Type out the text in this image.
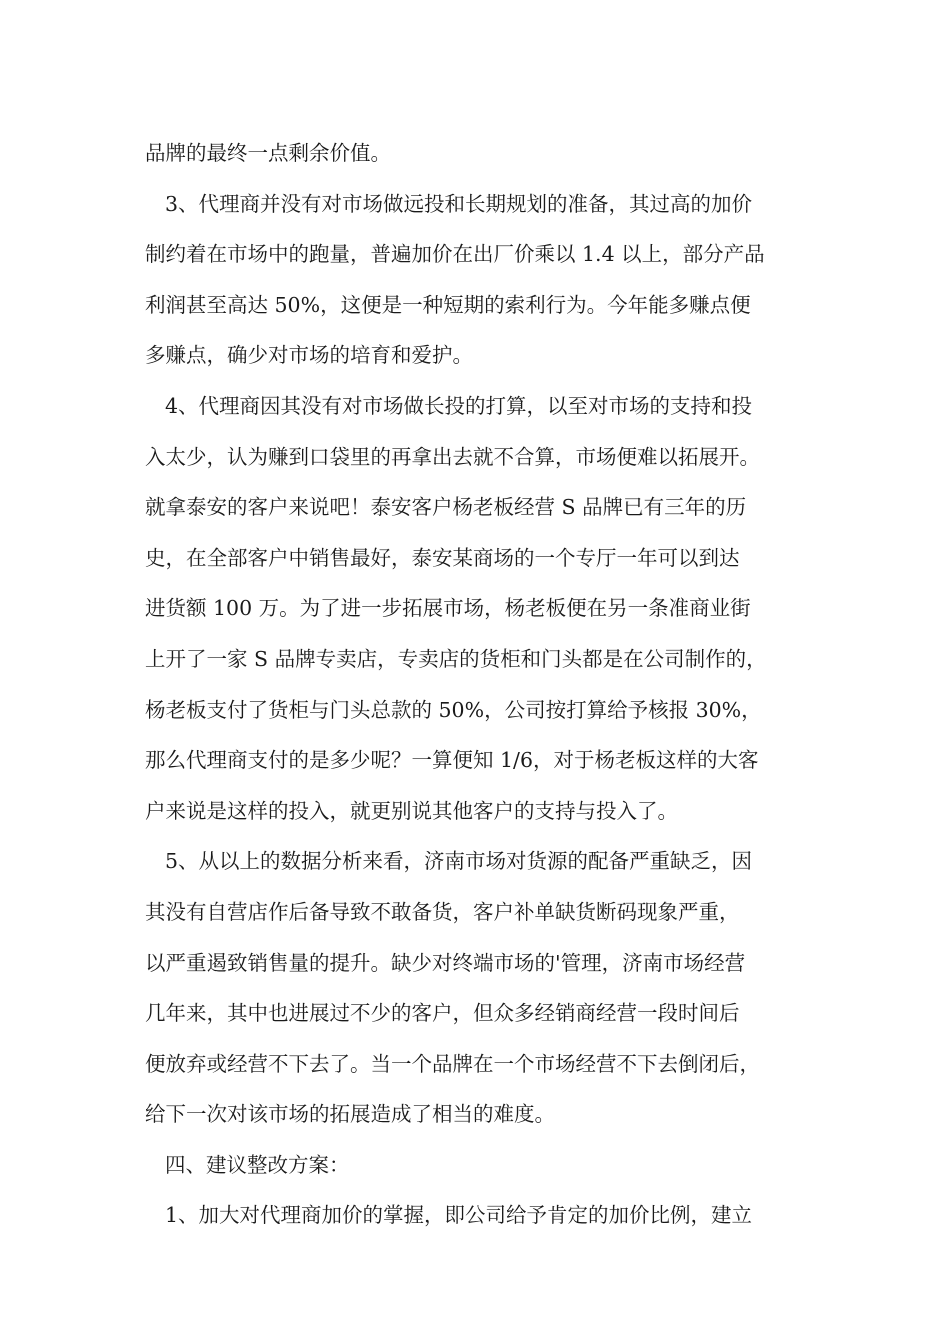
品牌的最终一点剩余价值。
3、代理商并没有对市场做远投和长期规划的准备，其过高的加价
制约着在市场中的跑量，普遍加价在出厂价乘以 1.4 以上，部分产品
利润甚至高达 50%，这便是一种短期的索利行为。今年能多赚点便
多赚点，确少对市场的培育和爱护。
4、代理商因其没有对市场做长投的打算，以至对市场的支持和投
入太少，认为赚到口袋里的再拿出去就不合算，市场便难以拓展开。
就拿泰安的客户来说吧！泰安客户杨老板经营 S 品牌已有三年的历
史，在全部客户中销售最好，泰安某商场的一个专厅一年可以到达
进货额 100 万。为了进一步拓展市场，杨老板便在另一条准商业街
上开了一家 S 品牌专卖店，专卖店的货柜和门头都是在公司制作的，
杨老板支付了货柜与门头总款的 50%，公司按打算给予核报 30%，
那么代理商支付的是多少呢？一算便知 1/6，对于杨老板这样的大客
户来说是这样的投入，就更别说其他客户的支持与投入了。
5、从以上的数据分析来看，济南市场对货源的配备严重缺乏，因
其没有自营店作后备导致不敢备货，客户补单缺货断码现象严重，
以严重遏致销售量的提升。缺少对终端市场的'管理，济南市场经营
几年来，其中也进展过不少的客户，但众多经销商经营一段时间后
便放弃或经营不下去了。当一个品牌在一个市场经营不下去倒闭后，
给下一次对该市场的拓展造成了相当的难度。
四、建议整改方案：
1、加大对代理商加价的掌握，即公司给予肯定的加价比例，建立
